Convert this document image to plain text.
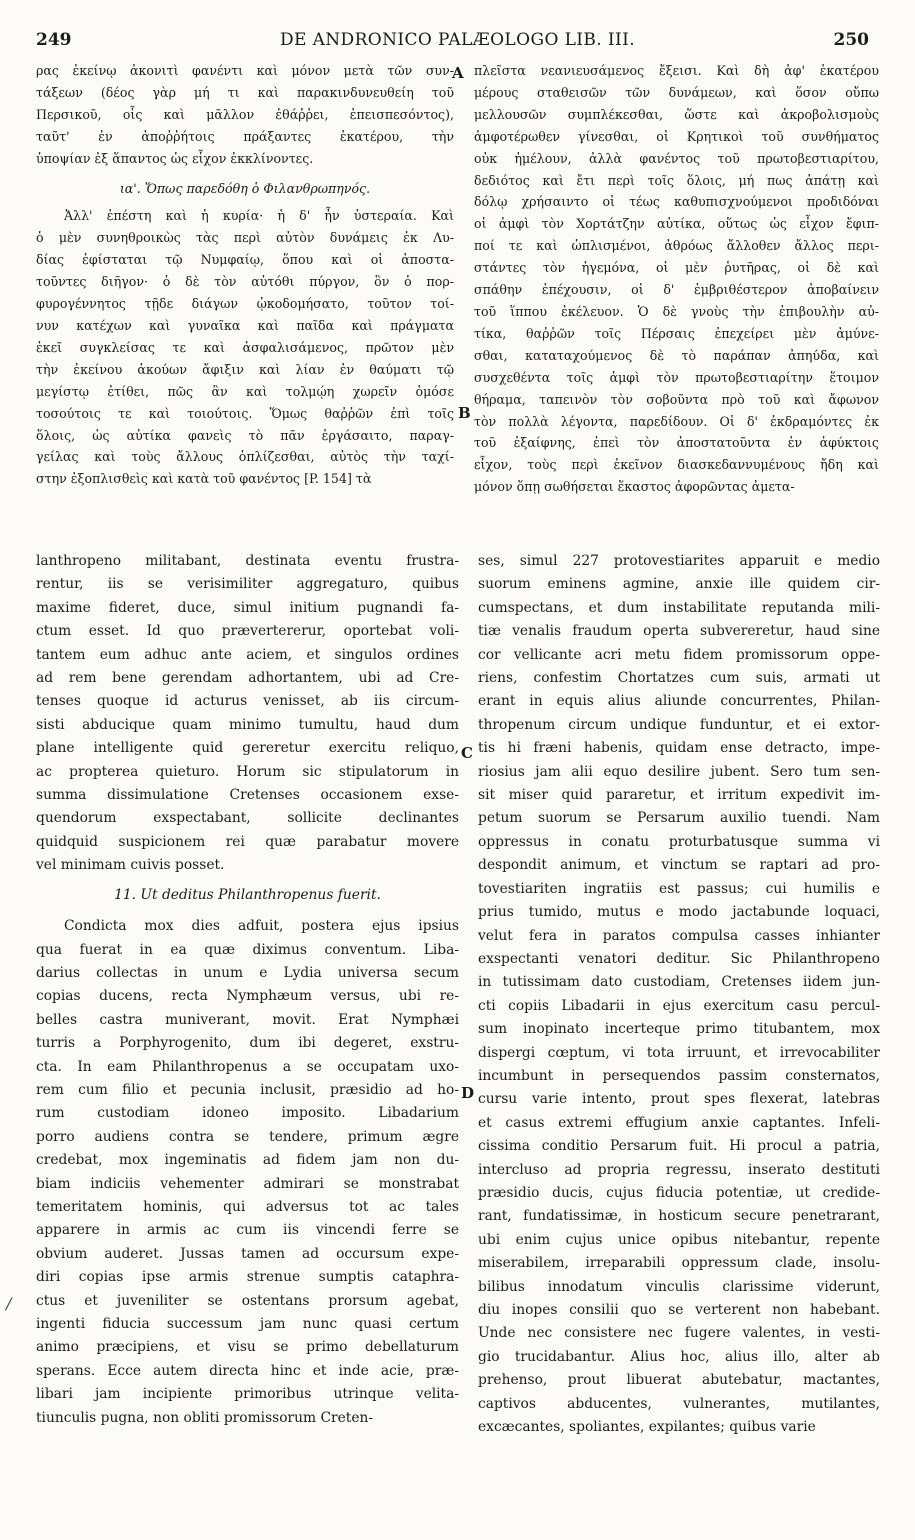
249	DE ANDRONICO PALÆOLOGO LIB. III.	250
ρας ἐκείνῳ ἀκονιτὶ φανέντι καὶ μόνον μετὰ τῶν συν-
τάξεων (δέος γὰρ μή τι καὶ παρακινδυνευθείη τοῦ
Περσικοῦ, οἷς καὶ μᾶλλον ἐθάῤῥει, ἐπεισπεσόντος),
ταῦτ' ἐν ἀποῤῥήτοις πράξαντες ἑκατέρου, τὴν
ὑποψίαν ἐξ ἅπαντος ὡς εἶχον ἐκκλίνοντες.
ια'. Ὅπως παρεδόθη ὁ Φιλανθρωπηνός.
Ἀλλ' ἐπέστη καὶ ἡ κυρία· ἡ δ' ἦν ὑστεραία. Καὶ
ὁ μὲν συνηθροικὼς τὰς περὶ αὐτὸν δυνάμεις ἐκ Λυ-
δίας ἐφίσταται τῷ Νυμφαίῳ, ὅπου καὶ οἱ ἀποστα-
τοῦντες διῆγον· ὁ δὲ τὸν αὐτόθι πύργον, ὃν ὁ πορ-
φυρογέννητος τῇδε διάγων ᾠκοδομήσατο, τοῦτον τοί-
νυν κατέχων καὶ γυναῖκα καὶ παῖδα καὶ πράγματα
ἐκεῖ συγκλείσας τε καὶ ἀσφαλισάμενος, πρῶτον μὲν
τὴν ἐκείνου ἀκούων ἄφιξιν καὶ λίαν ἐν θαύματι τῷ
μεγίστῳ ἐτίθει, πῶς ἂν καὶ τολμῴη χωρεῖν ὁμόσε
τοσούτοις τε καὶ τοιούτοις. Ὅμως θαῤῥῶν ἐπὶ τοῖς
ὅλοις, ὡς αὐτίκα φανεὶς τὸ πᾶν ἐργάσαιτο, παραγ-
γείλας καὶ τοὺς ἄλλους ὁπλίζεσθαι, αὐτὸς τὴν ταχί-
στην ἐξοπλισθεὶς καὶ κατὰ τοῦ φανέντος [P. 154] τὰ
πλεῖστα νεανιευσάμενος ἔξεισι. Καὶ δὴ ἀφ' ἑκατέρου
μέρους σταθεισῶν τῶν δυνάμεων, καὶ ὅσον οὔπω
μελλουσῶν συμπλέκεσθαι, ὥστε καὶ ἀκροβολισμοὺς
ἀμφοτέρωθεν γίνεσθαι, οἱ Κρητικοὶ τοῦ συνθήματος
οὐκ ἠμέλουν, ἀλλὰ φανέντος τοῦ πρωτοβεστιαρίτου,
δεδιότος καὶ ἔτι περὶ τοῖς ὅλοις, μή πως ἀπάτῃ καὶ
δόλῳ χρήσαιντο οἱ τέως καθυπισχνούμενοι προδιδόναι
οἱ ἀμφὶ τὸν Χορτάτζην αὐτίκα, οὕτως ὡς εἶχον ἔφιπ-
ποί τε καὶ ὡπλισμένοι, ἀθρόως ἄλλοθεν ἄλλος περι-
στάντες τὸν ἡγεμόνα, οἱ μὲν ῥυτῆρας, οἱ δὲ καὶ
σπάθην ἐπέχουσιν, οἱ δ' ἐμβριθέστερον ἀποβαίνειν
τοῦ ἵππου ἐκέλευον. Ὁ δὲ γνοὺς τὴν ἐπιβουλὴν αὐ-
τίκα, θαῤῥῶν τοῖς Πέρσαις ἐπεχείρει μὲν ἀμύνε-
σθαι, καταταχούμενος δὲ τὸ παράπαν ἀπηύδα, καὶ
συσχεθέντα τοῖς ἀμφὶ τὸν πρωτοβεστιαρίτην ἕτοιμον
θήραμα, ταπεινὸν τὸν σοβοῦντα πρὸ τοῦ καὶ ἄφωνον
τὸν πολλὰ λέγοντα, παρεδίδουν. Οἱ δ' ἐκδραμόντες ἐκ
τοῦ ἐξαίφνης, ἐπεὶ τὸν ἀποστατοῦντα ἐν ἀφύκτοις
εἶχον, τοὺς περὶ ἐκεῖνον διασκεδαννυμένους ἤδη καὶ
μόνον ὅπῃ σωθήσεται ἕκαστος ἀφορῶντας ἀμετα-
lanthropeno militabant, destinata eventu frustra-
rentur, iis se verisimiliter aggregaturo, quibus
maxime fideret, duce, simul initium pugnandi fa-
ctum esset. Id quo prævertererur, oportebat voli-
tantem eum adhuc ante aciem, et singulos ordines
ad rem bene gerendam adhortantem, ubi ad Cre-
tenses quoque id acturus venisset, ab iis circum-
sisti abducique quam minimo tumultu, haud dum
plane intelligente quid gereretur exercitu reliquo,
ac propterea quieturo. Horum sic stipulatorum in
summa dissimulatione Cretenses occasionem exse-
quendorum exspectabant, sollicite declinantes
quidquid suspicionem rei quæ parabatur movere
vel minimam cuivis posset.
11. Ut deditus Philanthropenus fuerit.
Condicta mox dies adfuit, postera ejus ipsius
qua fuerat in ea quæ diximus conventum. Liba-
darius collectas in unum e Lydia universa secum
copias ducens, recta Nymphæum versus, ubi re-
belles castra muniverant, movit. Erat Nymphæi
turris a Porphyrogenito, dum ibi degeret, exstru-
cta. In eam Philanthropenus a se occupatam uxo-
rem cum filio et pecunia inclusit, præsidio ad ho-
rum custodiam idoneo imposito. Libadarium
porro audiens contra se tendere, primum ægre
credebat, mox ingeminatis ad fidem jam non du-
biam indiciis vehementer admirari se monstrabat
temeritatem hominis, qui adversus tot ac tales
apparere in armis ac cum iis vincendi ferre se
obvium auderet. Jussas tamen ad occursum expe-
diri copias ipse armis strenue sumptis cataphra-
ctus et juveniliter se ostentans prorsum agebat,
ingenti fiducia successum jam nunc quasi certum
animo præcipiens, et visu se primo debellaturum
sperans. Ecce autem directa hinc et inde acie, præ-
libari jam incipiente primoribus utrinque velita-
tiunculis pugna, non obliti promissorum Creten-
ses, simul 227 protovestiarites apparuit e medio
suorum eminens agmine, anxie ille quidem cir-
cumspectans, et dum instabilitate reputanda mili-
tiæ venalis fraudum operta subvereretur, haud sine
cor vellicante acri metu fidem promissorum oppe-
riens, confestim Chortatzes cum suis, armati ut
erant in equis alius aliunde concurrentes, Philan-
thropenum circum undique funduntur, et ei extor-
tis hi fræni habenis, quidam ense detracto, impe-
riosius jam alii equo desilire jubent. Sero tum sen-
sit miser quid pararetur, et irritum expedivit im-
petum suorum se Persarum auxilio tuendi. Nam
oppressus in conatu proturbatusque summa vi
despondit animum, et vinctum se raptari ad pro-
tovestiariten ingratiis est passus; cui humilis e
prius tumido, mutus e modo jactabunde loquaci,
velut fera in paratos compulsa casses inhianter
exspectanti venatori deditur. Sic Philanthropeno
in tutissimam dato custodiam, Cretenses iidem jun-
cti copiis Libadarii in ejus exercitum casu percul-
sum inopinato incerteque primo titubantem, mox
dispergi cœptum, vi tota irruunt, et irrevocabiliter
incumbunt in persequendos passim consternatos,
cursu varie intento, prout spes flexerat, latebras
et casus extremi effugium anxie captantes. Infeli-
cissima conditio Persarum fuit. Hi procul a patria,
intercluso ad propria regressu, inserato destituti
præsidio ducis, cujus fiducia potentiæ, ut credide-
rant, fundatissimæ, in hosticum secure penetrarant,
ubi enim cujus unice opibus nitebantur, repente
miserabilem, irreparabili oppressum clade, insolu-
bilibus innodatum vinculis clarissime viderunt,
diu inopes consilii quo se verterent non habebant.
Unde nec consistere nec fugere valentes, in vesti-
gio trucidabantur. Alius hoc, alius illo, alter ab
prehenso, prout libuerat abutebatur, mactantes,
captivos abducentes, vulnerantes, mutilantes,
excæcantes, spoliantes, expilantes; quibus varie
A
B
C
D
/
